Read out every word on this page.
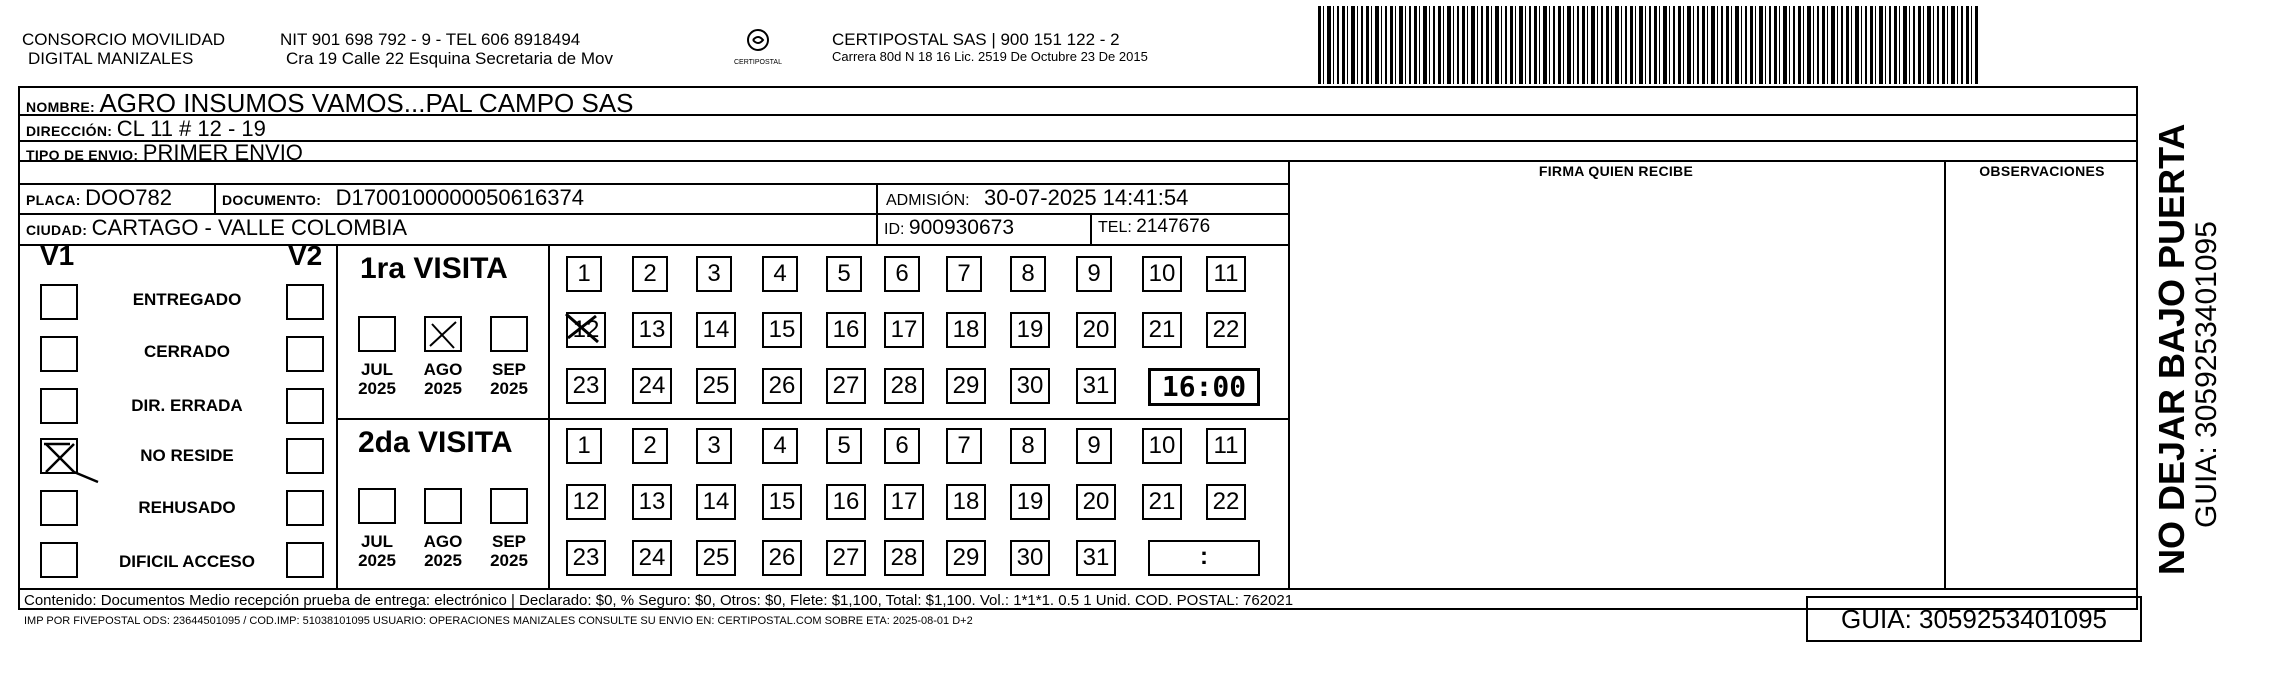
CONSORCIO MOVILIDAD
DIGITAL MANIZALES
NIT 901 698 792 - 9 - TEL 606 8918494
Cra 19 Calle 22 Esquina Secretaria de Mov	CERTIPOSTAL
CERTIPOSTAL SAS | 900 151 122 - 2
Carrera 80d N 18 16 Lic. 2519 De Octubre 23 De 2015
NOMBRE: AGRO INSUMOS VAMOS...PAL CAMPO SAS
DIRECCIÓN: CL 11 # 12 - 19
TIPO DE ENVIO: PRIMER ENVIO
FIRMA QUIEN RECIBE	OBSERVACIONES
PLACA: DOO782	DOCUMENTO: D1700100000050616374	ADMISIÓN: 30-07-2025 14:41:54
CIUDAD: CARTAGO - VALLE COLOMBIA	ID: 900930673	TEL: 2147676
V1	V2
ENTREGADO
CERRADO
DIR. ERRADA
NO RESIDE
REHUSADO
DIFICIL ACCESO
1ra VISITA
JUL
2025
AGO
2025
SEP
2025
2da VISITA
JUL
2025
AGO
2025
SEP
2025
1	2	3	4	5	6	7	8	9	10	11
12 13 14 15 16 17 18 19 20 21 22
23 24 25 26 27 28 29 30 31
1	2	3	4	5	6	7	8	9	10	11
12 13 14 15 16 17 18 19 20 21 22
23 24 25 26 27 28 29 30 31
16:00
:
Contenido: Documentos Medio recepción prueba de entrega: electrónico | Declarado: $0, % Seguro: $0, Otros: $0, Flete: $1,100, Total: $1,100. Vol.: 1*1*1. 0.5 1 Unid. COD. POSTAL: 762021
IMP POR FIVEPOSTAL ODS: 23644501095 / COD.IMP: 51038101095 USUARIO: OPERACIONES MANIZALES CONSULTE SU ENVIO EN: CERTIPOSTAL.COM SOBRE ETA: 2025-08-01 D+2	GUIA: 3059253401095
NO DEJAR BAJO PUERTA
GUIA: 3059253401095
